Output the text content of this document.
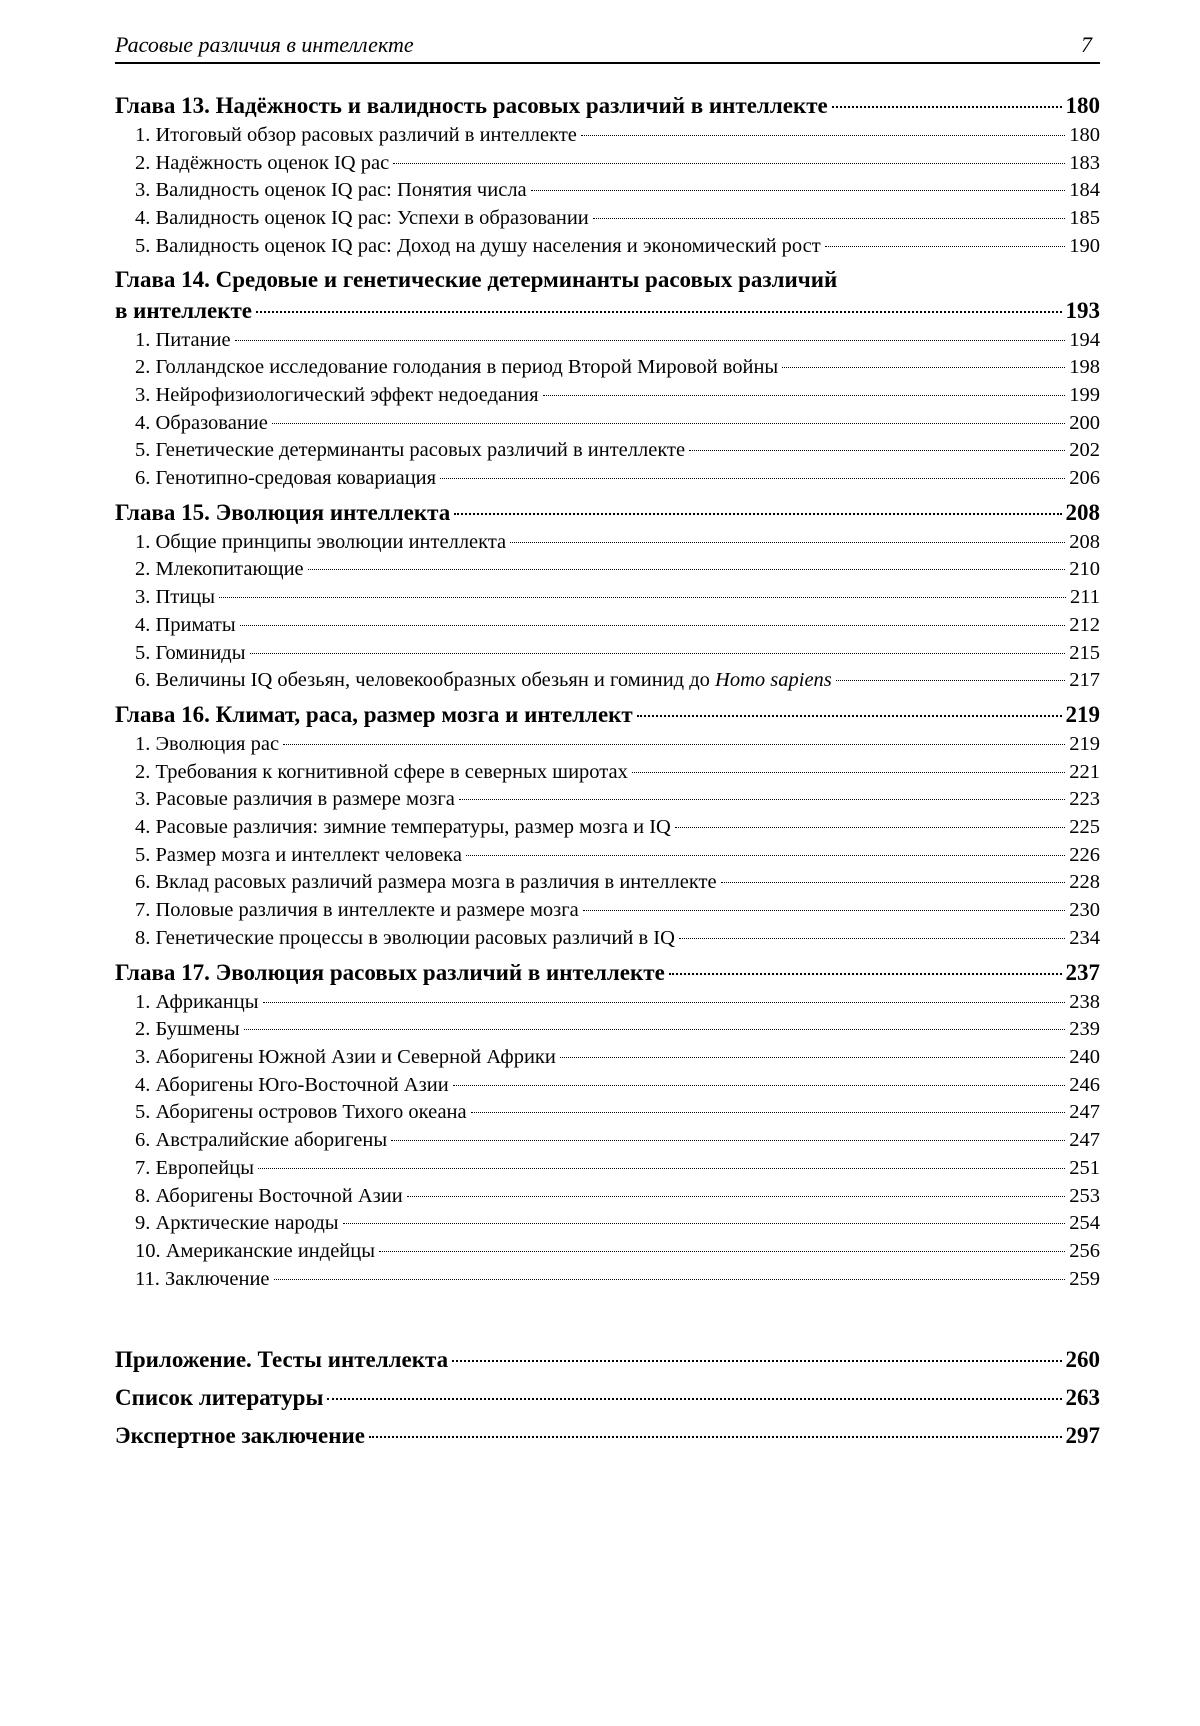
Расовые различия в интеллекте	7
Глава 13. Надёжность и валидность расовых различий в интеллекте	180
1. Итоговый обзор расовых различий в интеллекте	180
2. Надёжность оценок IQ рас	183
3. Валидность оценок IQ рас: Понятия числа	184
4. Валидность оценок IQ рас: Успехи в образовании	185
5. Валидность оценок IQ рас: Доход на душу населения и экономический рост	190
Глава 14. Средовые и генетические детерминанты расовых различий
в интеллекте	193
1. Питание	194
2. Голландское исследование голодания в период Второй Мировой войны	198
3. Нейрофизиологический эффект недоедания	199
4. Образование	200
5. Генетические детерминанты расовых различий в интеллекте	202
6. Генотипно-средовая ковариация	206
Глава 15. Эволюция интеллекта	208
1. Общие принципы эволюции интеллекта	208
2. Млекопитающие	210
3. Птицы	211
4. Приматы	212
5. Гоминиды	215
6. Величины IQ обезьян, человекообразных обезьян и гоминид до Homo sapiens	217
Глава 16. Климат, раса, размер мозга и интеллект	219
1. Эволюция рас	219
2. Требования к когнитивной сфере в северных широтах	221
3. Расовые различия в размере мозга	223
4. Расовые различия: зимние температуры, размер мозга и IQ	225
5. Размер мозга и интеллект человека	226
6. Вклад расовых различий размера мозга в различия в интеллекте	228
7. Половые различия в интеллекте и размере мозга	230
8. Генетические процессы в эволюции расовых различий в IQ	234
Глава 17. Эволюция расовых различий в интеллекте	237
1. Африканцы	238
2. Бушмены	239
3. Аборигены Южной Азии и Северной Африки	240
4. Аборигены Юго-Восточной Азии	246
5. Аборигены островов Тихого океана	247
6. Австралийские аборигены	247
7. Европейцы	251
8. Аборигены Восточной Азии	253
9. Арктические народы	254
10. Американские индейцы	256
11. Заключение	259
Приложение. Тесты интеллекта	260
Список литературы	263
Экспертное заключение	297
